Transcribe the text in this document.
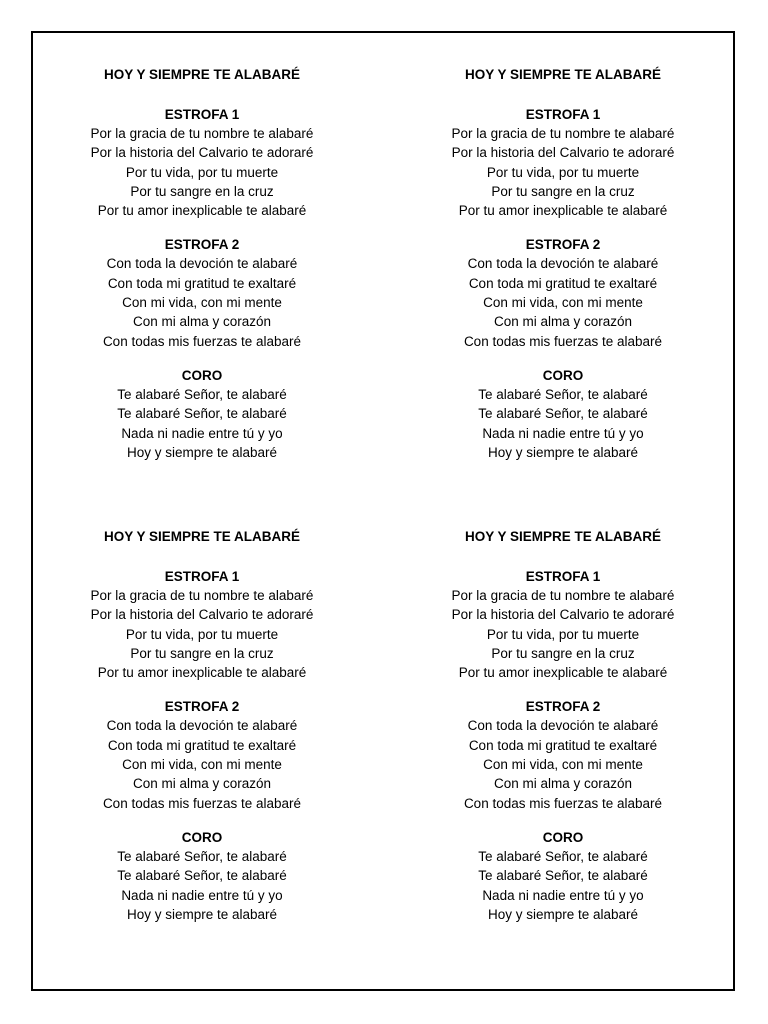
HOY Y SIEMPRE TE ALABARÉ
ESTROFA 1
Por la gracia de tu nombre te alabaré
Por la historia del Calvario te adoraré
Por tu vida, por tu muerte
Por tu sangre en la cruz
Por tu amor inexplicable te alabaré
ESTROFA 2
Con toda la devoción te alabaré
Con toda mi gratitud te exaltaré
Con mi vida, con mi mente
Con mi alma y corazón
Con todas mis fuerzas te alabaré
CORO
Te alabaré Señor, te alabaré
Te alabaré Señor, te alabaré
Nada ni nadie entre tú y yo
Hoy y siempre te alabaré
HOY Y SIEMPRE TE ALABARÉ
ESTROFA 1
Por la gracia de tu nombre te alabaré
Por la historia del Calvario te adoraré
Por tu vida, por tu muerte
Por tu sangre en la cruz
Por tu amor inexplicable te alabaré
ESTROFA 2
Con toda la devoción te alabaré
Con toda mi gratitud te exaltaré
Con mi vida, con mi mente
Con mi alma y corazón
Con todas mis fuerzas te alabaré
CORO
Te alabaré Señor, te alabaré
Te alabaré Señor, te alabaré
Nada ni nadie entre tú y yo
Hoy y siempre te alabaré
HOY Y SIEMPRE TE ALABARÉ
ESTROFA 1
Por la gracia de tu nombre te alabaré
Por la historia del Calvario te adoraré
Por tu vida, por tu muerte
Por tu sangre en la cruz
Por tu amor inexplicable te alabaré
ESTROFA 2
Con toda la devoción te alabaré
Con toda mi gratitud te exaltaré
Con mi vida, con mi mente
Con mi alma y corazón
Con todas mis fuerzas te alabaré
CORO
Te alabaré Señor, te alabaré
Te alabaré Señor, te alabaré
Nada ni nadie entre tú y yo
Hoy y siempre te alabaré
HOY Y SIEMPRE TE ALABARÉ
ESTROFA 1
Por la gracia de tu nombre te alabaré
Por la historia del Calvario te adoraré
Por tu vida, por tu muerte
Por tu sangre en la cruz
Por tu amor inexplicable te alabaré
ESTROFA 2
Con toda la devoción te alabaré
Con toda mi gratitud te exaltaré
Con mi vida, con mi mente
Con mi alma y corazón
Con todas mis fuerzas te alabaré
CORO
Te alabaré Señor, te alabaré
Te alabaré Señor, te alabaré
Nada ni nadie entre tú y yo
Hoy y siempre te alabaré
